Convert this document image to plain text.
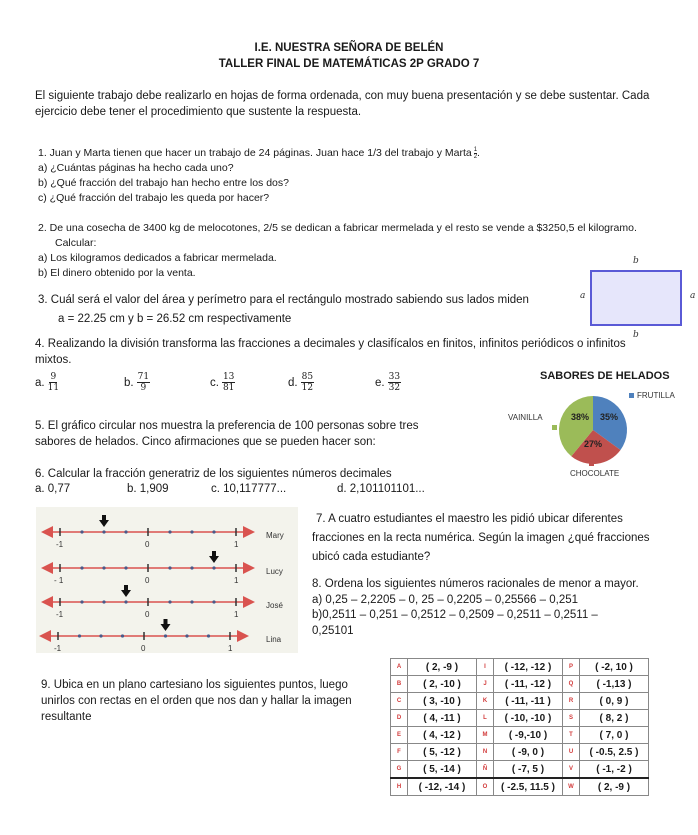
I.E. NUESTRA SEÑORA DE BELÉN
TALLER FINAL DE MATEMÁTICAS 2P GRADO 7
El siguiente trabajo debe realizarlo en hojas de forma ordenada, con muy buena presentación y se debe sustentar. Cada
ejercicio debe tener el procedimiento que sustente la respuesta.
1. Juan y Marta tienen que hacer un trabajo de 24 páginas. Juan hace 1/3 del trabajo y Marta $\frac{1}{2}$ .
a) ¿Cuántas páginas ha hecho cada uno?
b) ¿Qué fracción del trabajo han hecho entre los dos?
c) ¿Qué fracción del trabajo les queda por hacer?
2. De una cosecha de 3400 kg de melocotones, 2/5 se dedican a fabricar mermelada y el resto se vende a $3250,5 el kilogramo.
Calcular:
a) Los kilogramos dedicados a fabricar mermelada.
b) El dinero obtenido por la venta.
3. Cuál será el valor del área y perímetro para el rectángulo mostrado sabiendo sus lados miden
a = 22.25 cm y b = 26.52 cm respectivamente
b
b
a	a
4. Realizando la división transforma las fracciones a decimales y clasifícalos en finitos, infinitos periódicos o infinitos
mixtos.
a. $\frac{9}{11}$	b. $\frac{71}{9}$	c. $\frac{13}{81}$	d. $\frac{85}{12}$	e. $\frac{33}{32}$
5. El gráfico circular nos muestra la preferencia de 100 personas sobre tres
sabores de helados. Cinco afirmaciones que se pueden hacer son:
SABORES DE HELADOS
38% 35%
27%
FRUTILLA
VAINILLA
CHOCOLATE
6. Calcular la fracción generatriz de los siguientes números decimales
a. 0,77	b. 1,909	c. 10,117777...	d. 2,101101101...
-1	0	1
Mary
- 1	0	1
Lucy
-1	0	1
José
-1	0	1
Lina
7. A cuatro estudiantes el maestro les pidió ubicar diferentes
fracciones en la recta numérica. Según la imagen ¿qué fracciones
ubicó cada estudiante?
8. Ordena los siguientes números racionales de menor a mayor.
a) 0,25 – 2,2205 – 0, 25 – 0,2205 – 0,25566 – 0,251
b)0,2511 – 0,251 – 0,2512 – 0,2509 – 0,2511 – 0,2511 –
0,25101
9. Ubica en un plano cartesiano los siguientes puntos, luego
unirlos con rectas en el orden que nos dan y hallar la imagen
resultante
A	( 2, -9 )	I	( -12, -12 )	P	( -2, 10 )
B	( 2, -10 )	J	( -11, -12 )	Q	( -1,13 )
C	( 3, -10 )	K	( -11, -11 )	R	( 0, 9 )
D	( 4, -11 )	L	( -10, -10 )	S	( 8, 2 )
E	( 4, -12 )	M	( -9,-10 )	T	( 7, 0 )
F	( 5, -12 )	N	( -9, 0 )	U	( -0.5, 2.5 )
G	( 5, -14 )	Ñ	( -7, 5 )	V	( -1, -2 )
H	( -12, -14 )	O	( -2.5, 11.5 )	W	( 2, -9 )
